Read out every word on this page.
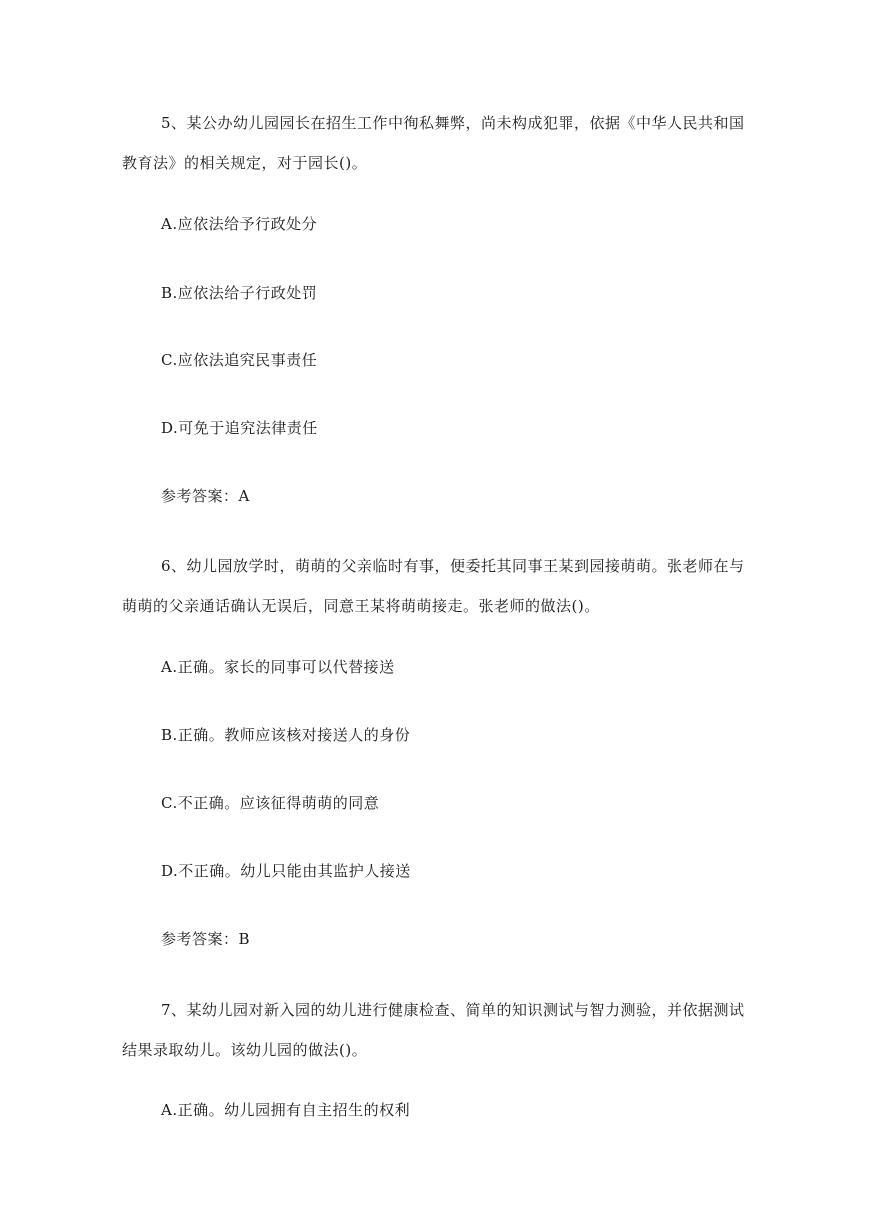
5、某公办幼儿园园长在招生工作中徇私舞弊，尚未构成犯罪，依据《中华人民共和国
教育法》的相关规定，对于园长()。
A.应依法给予行政处分
B.应依法给子行政处罚
C.应依法追究民事责任
D.可免于追究法律责任
参考答案：A
6、幼儿园放学时，萌萌的父亲临时有事，便委托其同事王某到园接萌萌。张老师在与
萌萌的父亲通话确认无误后，同意王某将萌萌接走。张老师的做法()。
A.正确。家长的同事可以代替接送
B.正确。教师应该核对接送人的身份
C.不正确。应该征得萌萌的同意
D.不正确。幼儿只能由其监护人接送
参考答案：B
7、某幼儿园对新入园的幼儿进行健康检查、简单的知识测试与智力测验，并依据测试
结果录取幼儿。该幼儿园的做法()。
A.正确。幼儿园拥有自主招生的权利
